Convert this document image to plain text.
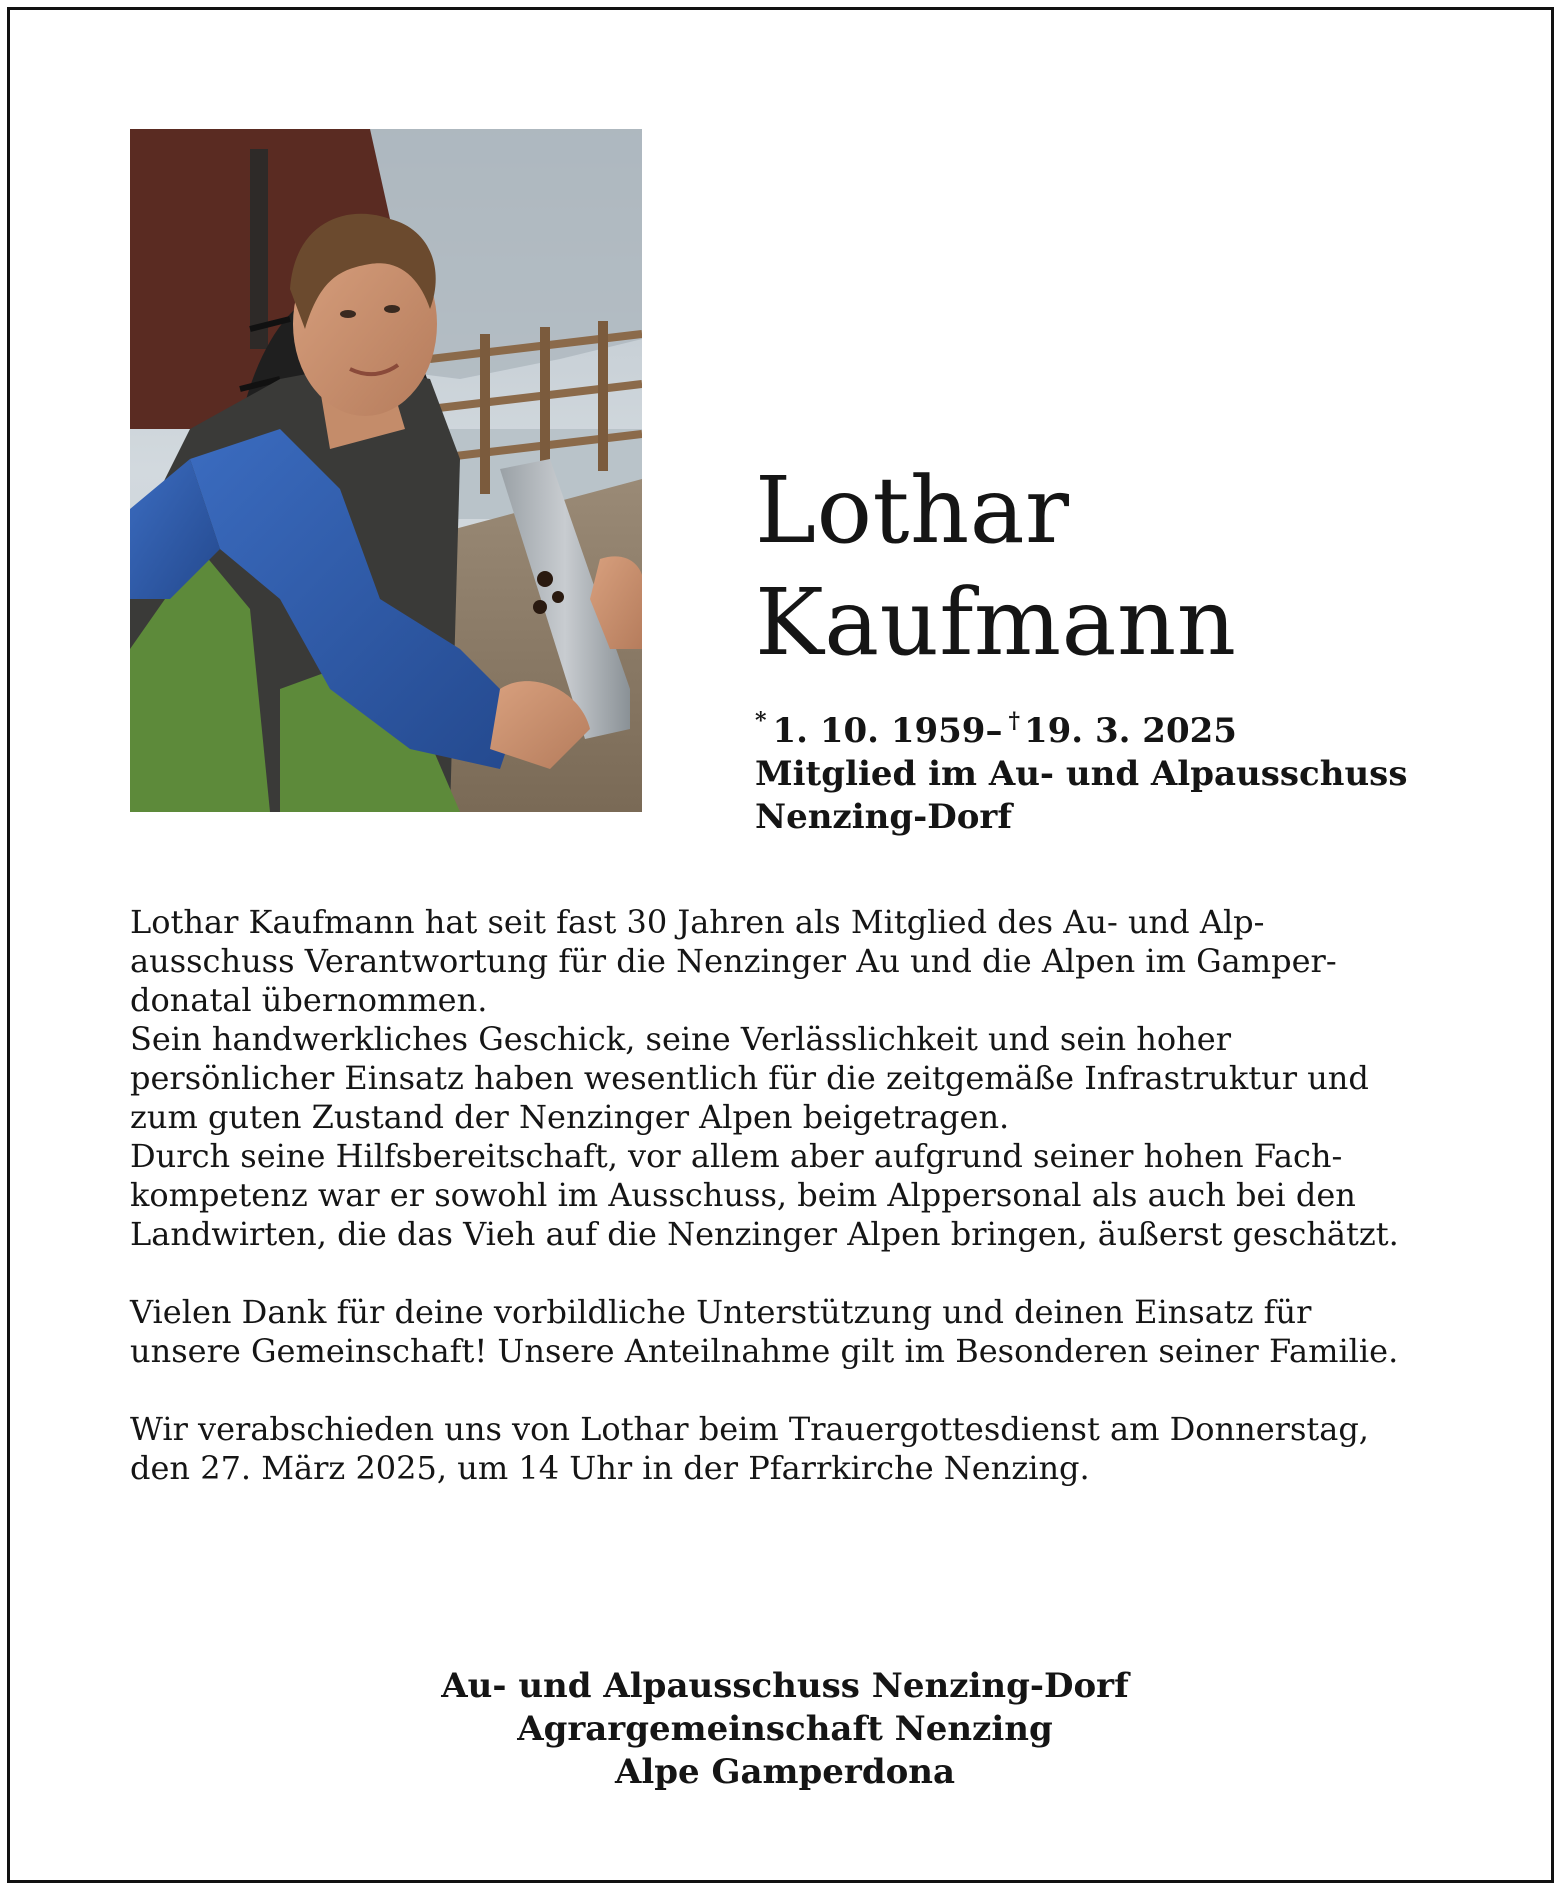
Lothar
Kaufmann
* 1. 10. 1959– † 19. 3. 2025
Mitglied im Au- und Alpausschuss
Nenzing-Dorf

Lothar Kaufmann hat seit fast 30 Jahren als Mitglied des Au- und Alp-
ausschuss Verantwortung für die Nenzinger Au und die Alpen im Gamper-
donatal übernommen.
Sein handwerkliches Geschick, seine Verlässlichkeit und sein hoher
persönlicher Einsatz haben wesentlich für die zeitgemäße Infrastruktur und
zum guten Zustand der Nenzinger Alpen beigetragen.
Durch seine Hilfsbereitschaft, vor allem aber aufgrund seiner hohen Fach-
kompetenz war er sowohl im Ausschuss, beim Alppersonal als auch bei den
Landwirten, die das Vieh auf die Nenzinger Alpen bringen, äußerst geschätzt.

Vielen Dank für deine vorbildliche Unterstützung und deinen Einsatz für
unsere Gemeinschaft! Unsere Anteilnahme gilt im Besonderen seiner Familie.

Wir verabschieden uns von Lothar beim Trauergottesdienst am Donnerstag,
den 27. März 2025, um 14 Uhr in der Pfarrkirche Nenzing.

Au- und Alpausschuss Nenzing-Dorf
Agrargemeinschaft Nenzing
Alpe Gamperdona
